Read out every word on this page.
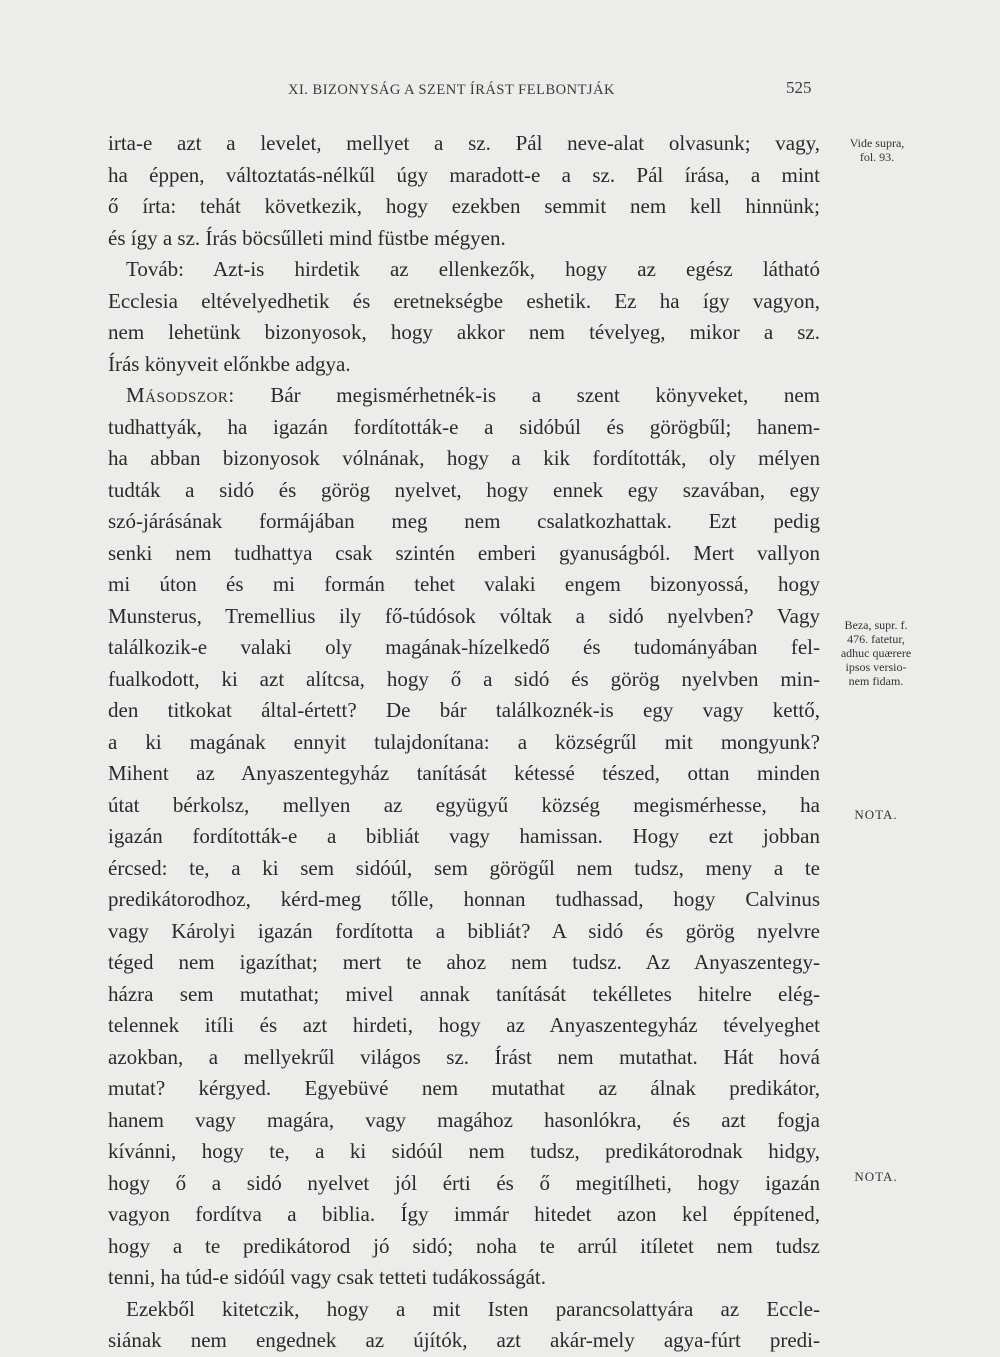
XI. BIZONYSÁG A SZENT ÍRÁST FELBONTJÁK	525
irta-e azt a levelet, mellyet a sz. Pál neve-alat olvasunk; vagy,
ha éppen, változtatás-nélkűl úgy maradott-e a sz. Pál írása, a mint
ő írta: tehát következik, hogy ezekben semmit nem kell hinnünk;
és így a sz. Írás böcsűlleti mind füstbe mégyen.
Továb: Azt-is hirdetik az ellenkezők, hogy az egész látható
Ecclesia eltévelyedhetik és eretnekségbe eshetik. Ez ha így vagyon,
nem lehetünk bizonyosok, hogy akkor nem tévelyeg, mikor a sz.
Írás könyveit előnkbe adgya.
Másodszor: Bár megismérhetnék-is a szent könyveket, nem
tudhattyák, ha igazán fordították-e a sidóbúl és görögbűl; hanem-
ha abban bizonyosok vólnának, hogy a kik fordították, oly mélyen
tudták a sidó és görög nyelvet, hogy ennek egy szavában, egy
szó-járásának formájában meg nem csalatkozhattak. Ezt pedig
senki nem tudhattya csak szintén emberi gyanuságból. Mert vallyon
mi úton és mi formán tehet valaki engem bizonyossá, hogy
Munsterus, Tremellius ily fő-túdósok vóltak a sidó nyelvben? Vagy
találkozik-e valaki oly magának-hízelkedő és tudományában fel-
fualkodott, ki azt alítcsa, hogy ő a sidó és görög nyelvben min-
den titkokat által-értett? De bár találkoznék-is egy vagy kettő,
a ki magának ennyit tulajdonítana: a községrűl mit mongyunk?
Mihent az Anyaszentegyház tanítását kétessé tészed, ottan minden
útat bérkolsz, mellyen az együgyű község megismérhesse, ha
igazán fordították-e a bibliát vagy hamissan. Hogy ezt jobban
ércsed: te, a ki sem sidóúl, sem görögűl nem tudsz, meny a te
predikátorodhoz, kérd-meg tőlle, honnan tudhassad, hogy Calvinus
vagy Károlyi igazán fordította a bibliát? A sidó és görög nyelvre
téged nem igazíthat; mert te ahoz nem tudsz. Az Anyaszentegy-
házra sem mutathat; mivel annak tanítását tekélletes hitelre elég-
telennek itíli és azt hirdeti, hogy az Anyaszentegyház tévelyeghet
azokban, a mellyekrűl világos sz. Írást nem mutathat. Hát hová
mutat? kérgyed. Egyebüvé nem mutathat az álnak predikátor,
hanem vagy magára, vagy magához hasonlókra, és azt fogja
kívánni, hogy te, a ki sidóúl nem tudsz, predikátorodnak hidgy,
hogy ő a sidó nyelvet jól érti és ő megitílheti, hogy igazán
vagyon fordítva a biblia. Így immár hitedet azon kel éppítened,
hogy a te predikátorod jó sidó; noha te arrúl itíletet nem tudsz
tenni, ha túd-e sidóúl vagy csak tetteti tudákosságát.
Ezekből kitetczik, hogy a mit Isten parancsolattyára az Eccle-
siának nem engednek az újítók, azt akár-mely agya-fúrt predi-
Vide supra,
fol. 93.
Beza, supr. f.
476. fatetur,
adhuc quærere
ipsos versio-
nem fidam.
NOTA.
NOTA.
